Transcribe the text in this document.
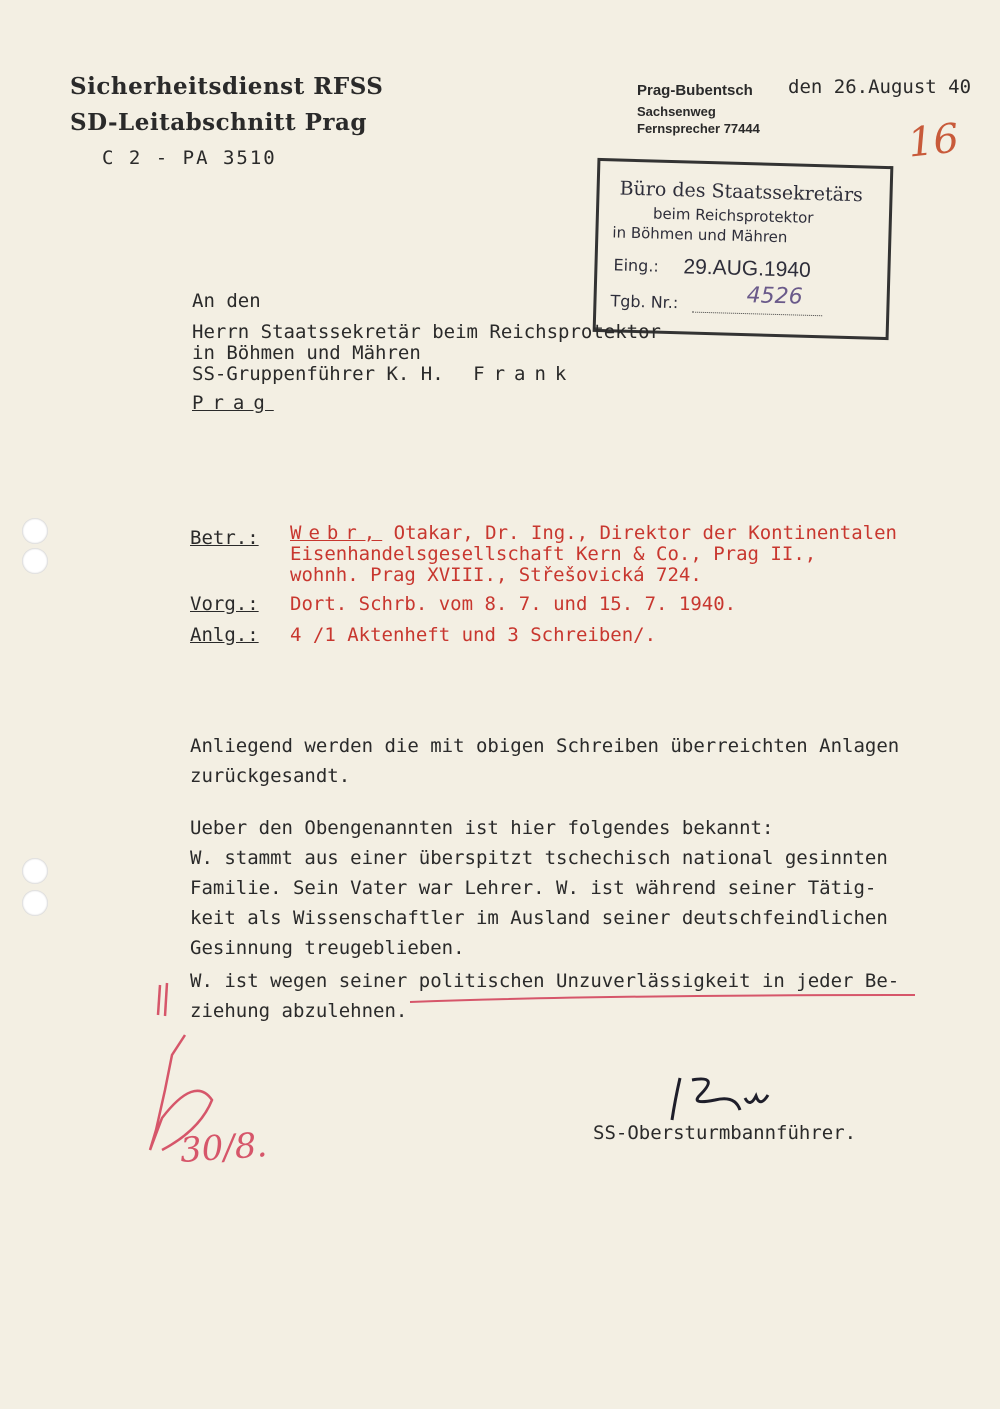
Sicherheitsdienst RFSS
SD-Leitabschnitt Prag
C 2 - PA 3510
Prag-Bubentsch
Sachsenweg
Fernsprecher 77444
den 26.August 40
16
Büro des Staatssekretärs
beim Reichsprotektor
in Böhmen und Mähren
Eing.: 29.AUG.1940
Tgb. Nr.:	4526
An den
Herrn Staatssekretär beim Reichsprotektor
in Böhmen und Mähren
SS-Gruppenführer K. H. Frank
Prag
Betr.: Webr, Otakar, Dr. Ing., Direktor der Kontinentalen
Eisenhandelsgesellschaft Kern & Co., Prag II.,
wohnh. Prag XVIII., Střešovická 724.
Vorg.: Dort. Schrb. vom 8. 7. und 15. 7. 1940.
Anlg.: 4 /1 Aktenheft und 3 Schreiben/.
Anliegend werden die mit obigen Schreiben überreichten Anlagen
zurückgesandt.
Ueber den Obengenannten ist hier folgendes bekannt:
W. stammt aus einer überspitzt tschechisch national gesinnten
Familie. Sein Vater war Lehrer. W. ist während seiner Tätig-
keit als Wissenschaftler im Ausland seiner deutschfeindlichen
Gesinnung treugeblieben.
W. ist wegen seiner politischen Unzuverlässigkeit in jeder Be-
ziehung abzulehnen.
30/8.	SS-Obersturmbannführer.
